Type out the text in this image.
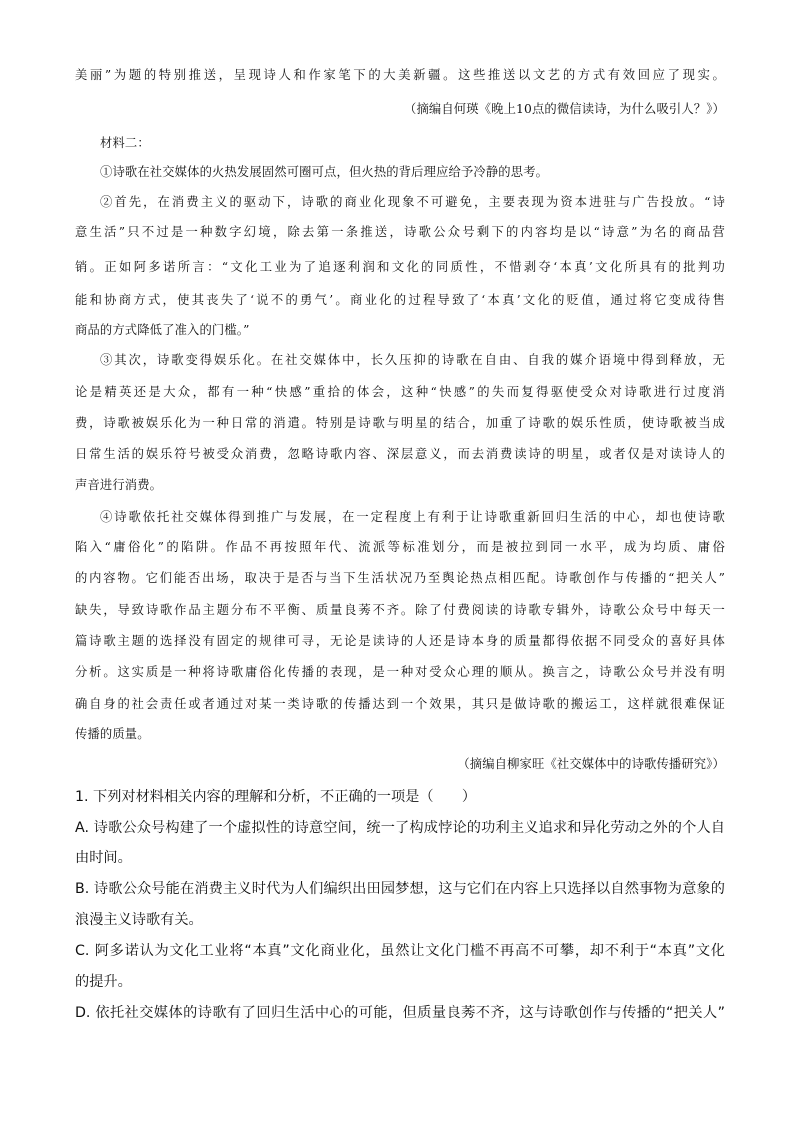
美丽”为题的特别推送，呈现诗人和作家笔下的大美新疆。这些推送以文艺的方式有效回应了现实。
（摘编自何瑛《晚上10点的微信读诗，为什么吸引人？》）
材料二：
①诗歌在社交媒体的火热发展固然可圈可点，但火热的背后理应给予冷静的思考。
②首先，在消费主义的驱动下，诗歌的商业化现象不可避免，主要表现为资本进驻与广告投放。“诗
意生活”只不过是一种数字幻境，除去第一条推送，诗歌公众号剩下的内容均是以“诗意”为名的商品营
销。正如阿多诺所言：“文化工业为了追逐利润和文化的同质性，不惜剥夺‘本真’文化所具有的批判功
能和协商方式，使其丧失了‘说不的勇气’。商业化的过程导致了‘本真’文化的贬值，通过将它变成待售
商品的方式降低了准入的门槛。”
③其次，诗歌变得娱乐化。在社交媒体中，长久压抑的诗歌在自由、自我的媒介语境中得到释放，无
论是精英还是大众，都有一种“快感”重拾的体会，这种“快感”的失而复得驱使受众对诗歌进行过度消
费，诗歌被娱乐化为一种日常的消遣。特别是诗歌与明星的结合，加重了诗歌的娱乐性质，使诗歌被当成
日常生活的娱乐符号被受众消费，忽略诗歌内容、深层意义，而去消费读诗的明星，或者仅是对读诗人的
声音进行消费。
④诗歌依托社交媒体得到推广与发展，在一定程度上有利于让诗歌重新回归生活的中心，却也使诗歌
陷入“庸俗化”的陷阱。作品不再按照年代、流派等标准划分，而是被拉到同一水平，成为均质、庸俗
的内容物。它们能否出场，取决于是否与当下生活状况乃至舆论热点相匹配。诗歌创作与传播的“把关人”
缺失，导致诗歌作品主题分布不平衡、质量良莠不齐。除了付费阅读的诗歌专辑外，诗歌公众号中每天一
篇诗歌主题的选择没有固定的规律可寻，无论是读诗的人还是诗本身的质量都得依据不同受众的喜好具体
分析。这实质是一种将诗歌庸俗化传播的表现，是一种对受众心理的顺从。换言之，诗歌公众号并没有明
确自身的社会责任或者通过对某一类诗歌的传播达到一个效果，其只是做诗歌的搬运工，这样就很难保证
传播的质量。
（摘编自柳家旺《社交媒体中的诗歌传播研究》）
1. 下列对材料相关内容的理解和分析，不正确的一项是（　　）
A. 诗歌公众号构建了一个虚拟性的诗意空间，统一了构成悖论的功利主义追求和异化劳动之外的个人自
由时间。
B. 诗歌公众号能在消费主义时代为人们编织出田园梦想，这与它们在内容上只选择以自然事物为意象的
浪漫主义诗歌有关。
C. 阿多诺认为文化工业将“本真”文化商业化，虽然让文化门槛不再高不可攀，却不利于“本真”文化
的提升。
D. 依托社交媒体的诗歌有了回归生活中心的可能，但质量良莠不齐，这与诗歌创作与传播的“把关人”
